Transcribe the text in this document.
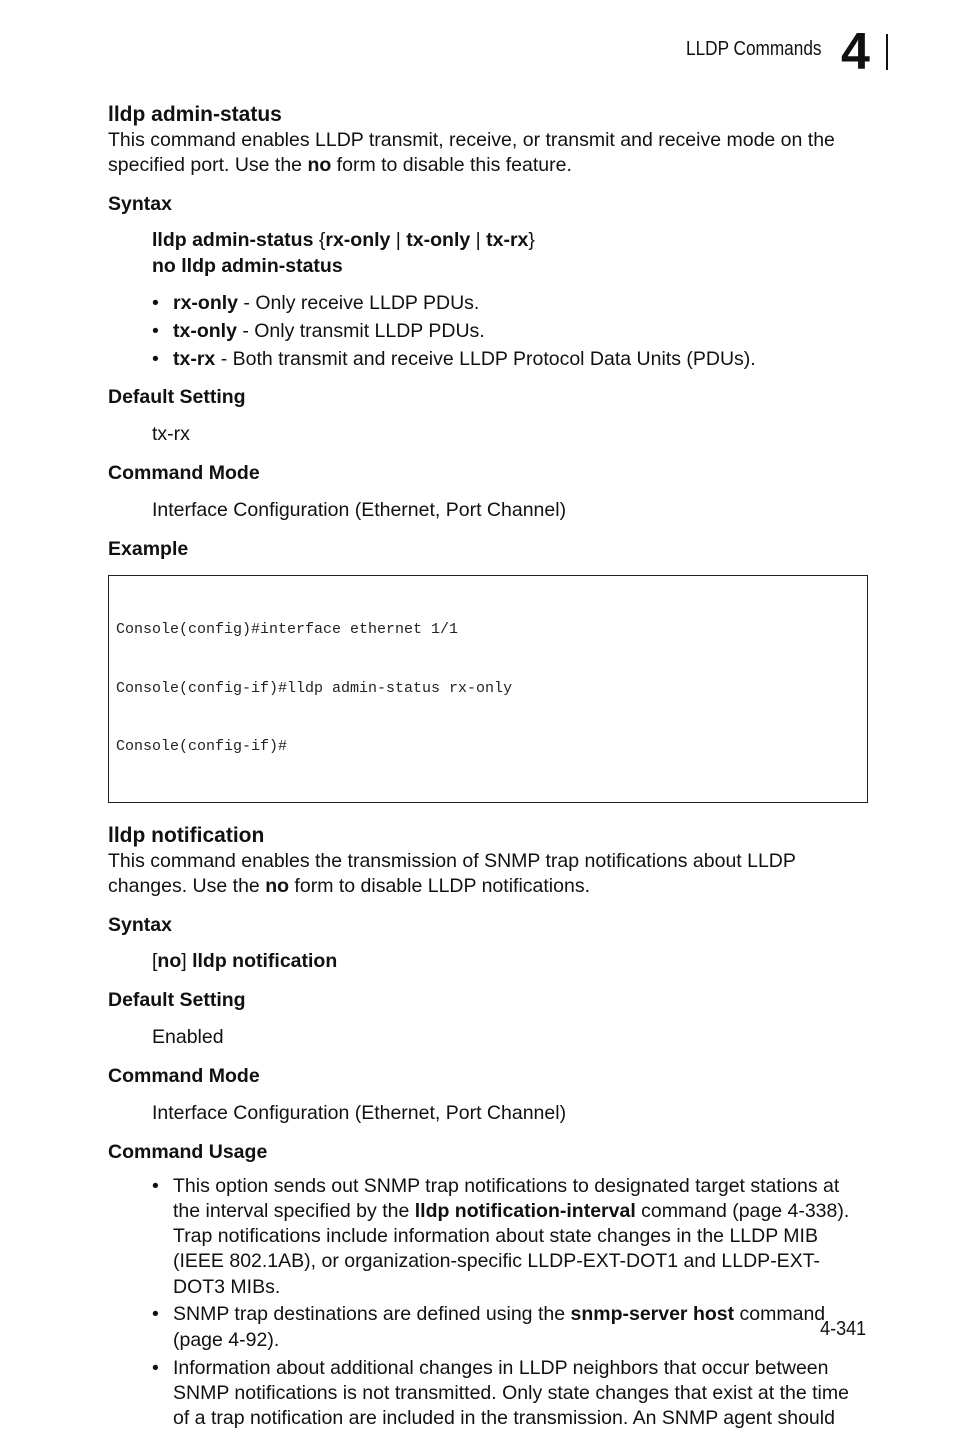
LLDP Commands 4
lldp admin-status

This command enables LLDP transmit, receive, or transmit and receive mode on the specified port. Use the no form to disable this feature.

Syntax
lldp admin-status {rx-only | tx-only | tx-rx}
no lldp admin-status
• rx-only - Only receive LLDP PDUs.
• tx-only - Only transmit LLDP PDUs.
• tx-rx - Both transmit and receive LLDP Protocol Data Units (PDUs).
Default Setting
tx-rx
Command Mode
Interface Configuration (Ethernet, Port Channel)
Example

Console(config)#interface ethernet 1/1

Console(config-if)#lldp admin-status rx-only

Console(config-if)#

lldp notification

This command enables the transmission of SNMP trap notifications about LLDP changes. Use the no form to disable LLDP notifications.

Syntax
[no] lldp notification
Default Setting
Enabled
Command Mode
Interface Configuration (Ethernet, Port Channel)
Command Usage
• This option sends out SNMP trap notifications to designated target stations at the interval specified by the lldp notification-interval command (page 4-338). Trap notifications include information about state changes in the LLDP MIB (IEEE 802.1AB), or organization-specific LLDP-EXT-DOT1 and LLDP-EXT-DOT3 MIBs.
• SNMP trap destinations are defined using the snmp-server host command (page 4-92).
• Information about additional changes in LLDP neighbors that occur between SNMP notifications is not transmitted. Only state changes that exist at the time of a trap notification are included in the transmission. An SNMP agent should
4-341
